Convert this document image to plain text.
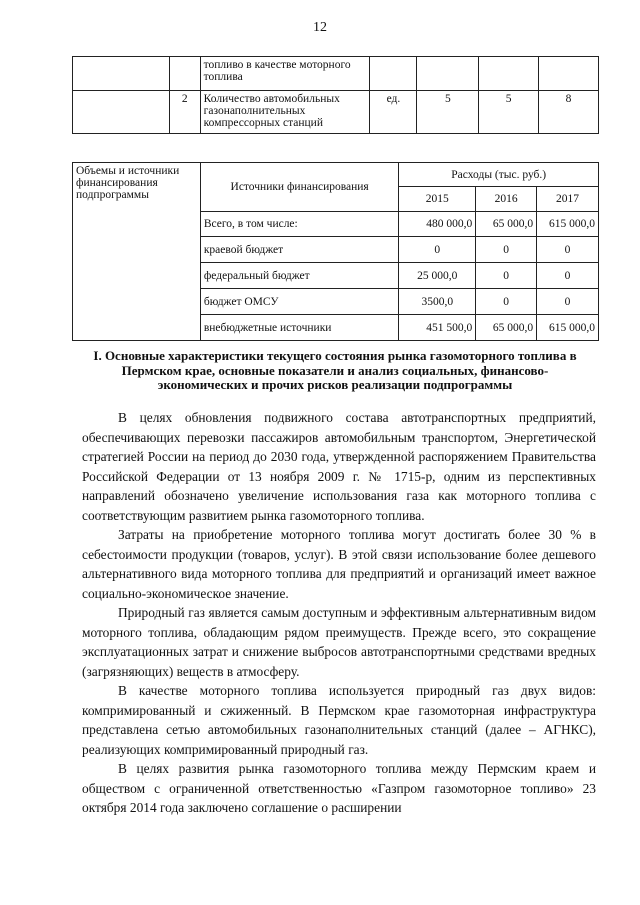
12
		топливо в качестве моторного топлива				
	2	Количество автомобильных газонаполнительных компрессорных станций	ед.	5	5	8
Объемы и источники финансирования подпрограммы	Источники финансирования	Расходы (тыс. руб.)		
		2015	2016	2017
	Всего, в том числе:	480 000,0	65 000,0	615 000,0
	краевой бюджет	0	0	0
	федеральный бюджет	25 000,0	0	0
	бюджет ОМСУ	3500,0	0	0
	внебюджетные источники	451 500,0	65 000,0	615 000,0
I. Основные характеристики текущего состояния рынка газомоторного топлива в Пермском крае, основные показатели и анализ социальных, финансово-экономических и прочих рисков реализации подпрограммы

В целях обновления подвижного состава автотранспортных предприятий, обеспечивающих перевозки пассажиров автомобильным транспортом, Энергетической стратегией России на период до 2030 года, утвержденной распоряжением Правительства Российской Федерации от 13 ноября 2009 г. № 1715-р, одним из перспективных направлений обозначено увеличение использования газа как моторного топлива с соответствующим развитием рынка газомоторного топлива.

Затраты на приобретение моторного топлива могут достигать более 30 % в себестоимости продукции (товаров, услуг). В этой связи использование более дешевого альтернативного вида моторного топлива для предприятий и организаций имеет важное социально-экономическое значение.

Природный газ является самым доступным и эффективным альтернативным видом моторного топлива, обладающим рядом преимуществ. Прежде всего, это сокращение эксплуатационных затрат и снижение выбросов автотранспортными средствами вредных (загрязняющих) веществ в атмосферу.

В качестве моторного топлива используется природный газ двух видов: компримированный и сжиженный. В Пермском крае газомоторная инфраструктура представлена сетью автомобильных газонаполнительных станций (далее – АГНКС), реализующих компримированный природный газ.

В целях развития рынка газомоторного топлива между Пермским краем и обществом с ограниченной ответственностью «Газпром газомоторное топливо» 23 октября 2014 года заключено соглашение о расширении
